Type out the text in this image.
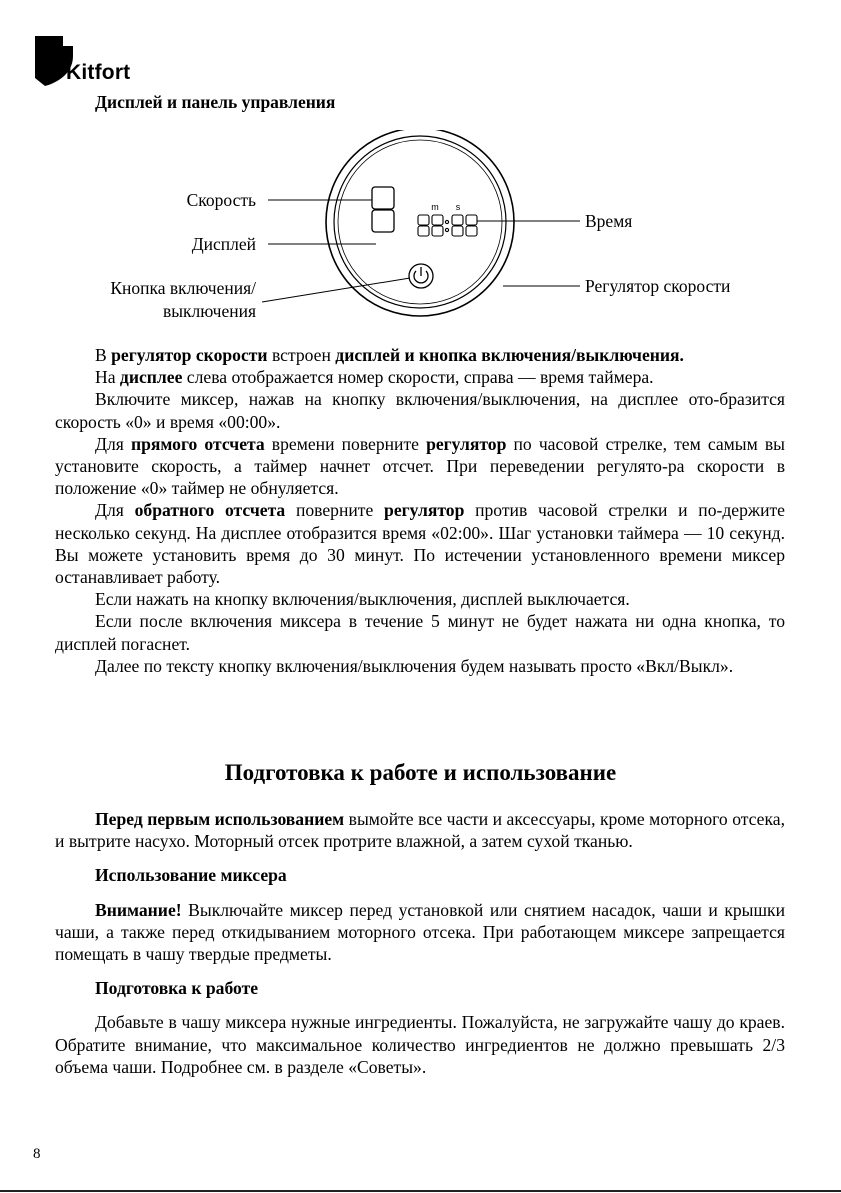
Kitfort
Дисплей и панель управления
m s
Скорость
Дисплей
Кнопка включения/
выключения
Время
Регулятор скорости

В регулятор скорости встроен дисплей и кнопка включения/выключения.

На дисплее слева отображается номер скорости, справа — время таймера.

Включите миксер, нажав на кнопку включения/выключения, на дисплее ото-бразится скорость «0» и время «00:00».

Для прямого отсчета времени поверните регулятор по часовой стрелке, тем самым вы установите скорость, а таймер начнет отсчет. При переведении регулято-ра скорости в положение «0» таймер не обнуляется.

Для обратного отсчета поверните регулятор против часовой стрелки и по-держите несколько секунд. На дисплее отобразится время «02:00». Шаг установки таймера — 10 секунд. Вы можете установить время до 30 минут. По истечении установленного времени миксер останавливает работу.

Если нажать на кнопку включения/выключения, дисплей выключается.

Если после включения миксера в течение 5 минут не будет нажата ни одна кнопка, то дисплей погаснет.

Далее по тексту кнопку включения/выключения будем называть просто «Вкл/Выкл».

Подготовка к работе и использование

Перед первым использованием вымойте все части и аксессуары, кроме моторного отсека, и вытрите насухо. Моторный отсек протрите влажной, а затем сухой тканью.

Использование миксера

Внимание! Выключайте миксер перед установкой или снятием насадок, чаши и крышки чаши, а также перед откидыванием моторного отсека. При работающем миксере запрещается помещать в чашу твердые предметы.

Подготовка к работе

Добавьте в чашу миксера нужные ингредиенты. Пожалуйста, не загружайте чашу до краев. Обратите внимание, что максимальное количество ингредиентов не должно превышать 2/3 объема чаши. Подробнее см. в разделе «Советы».

8
